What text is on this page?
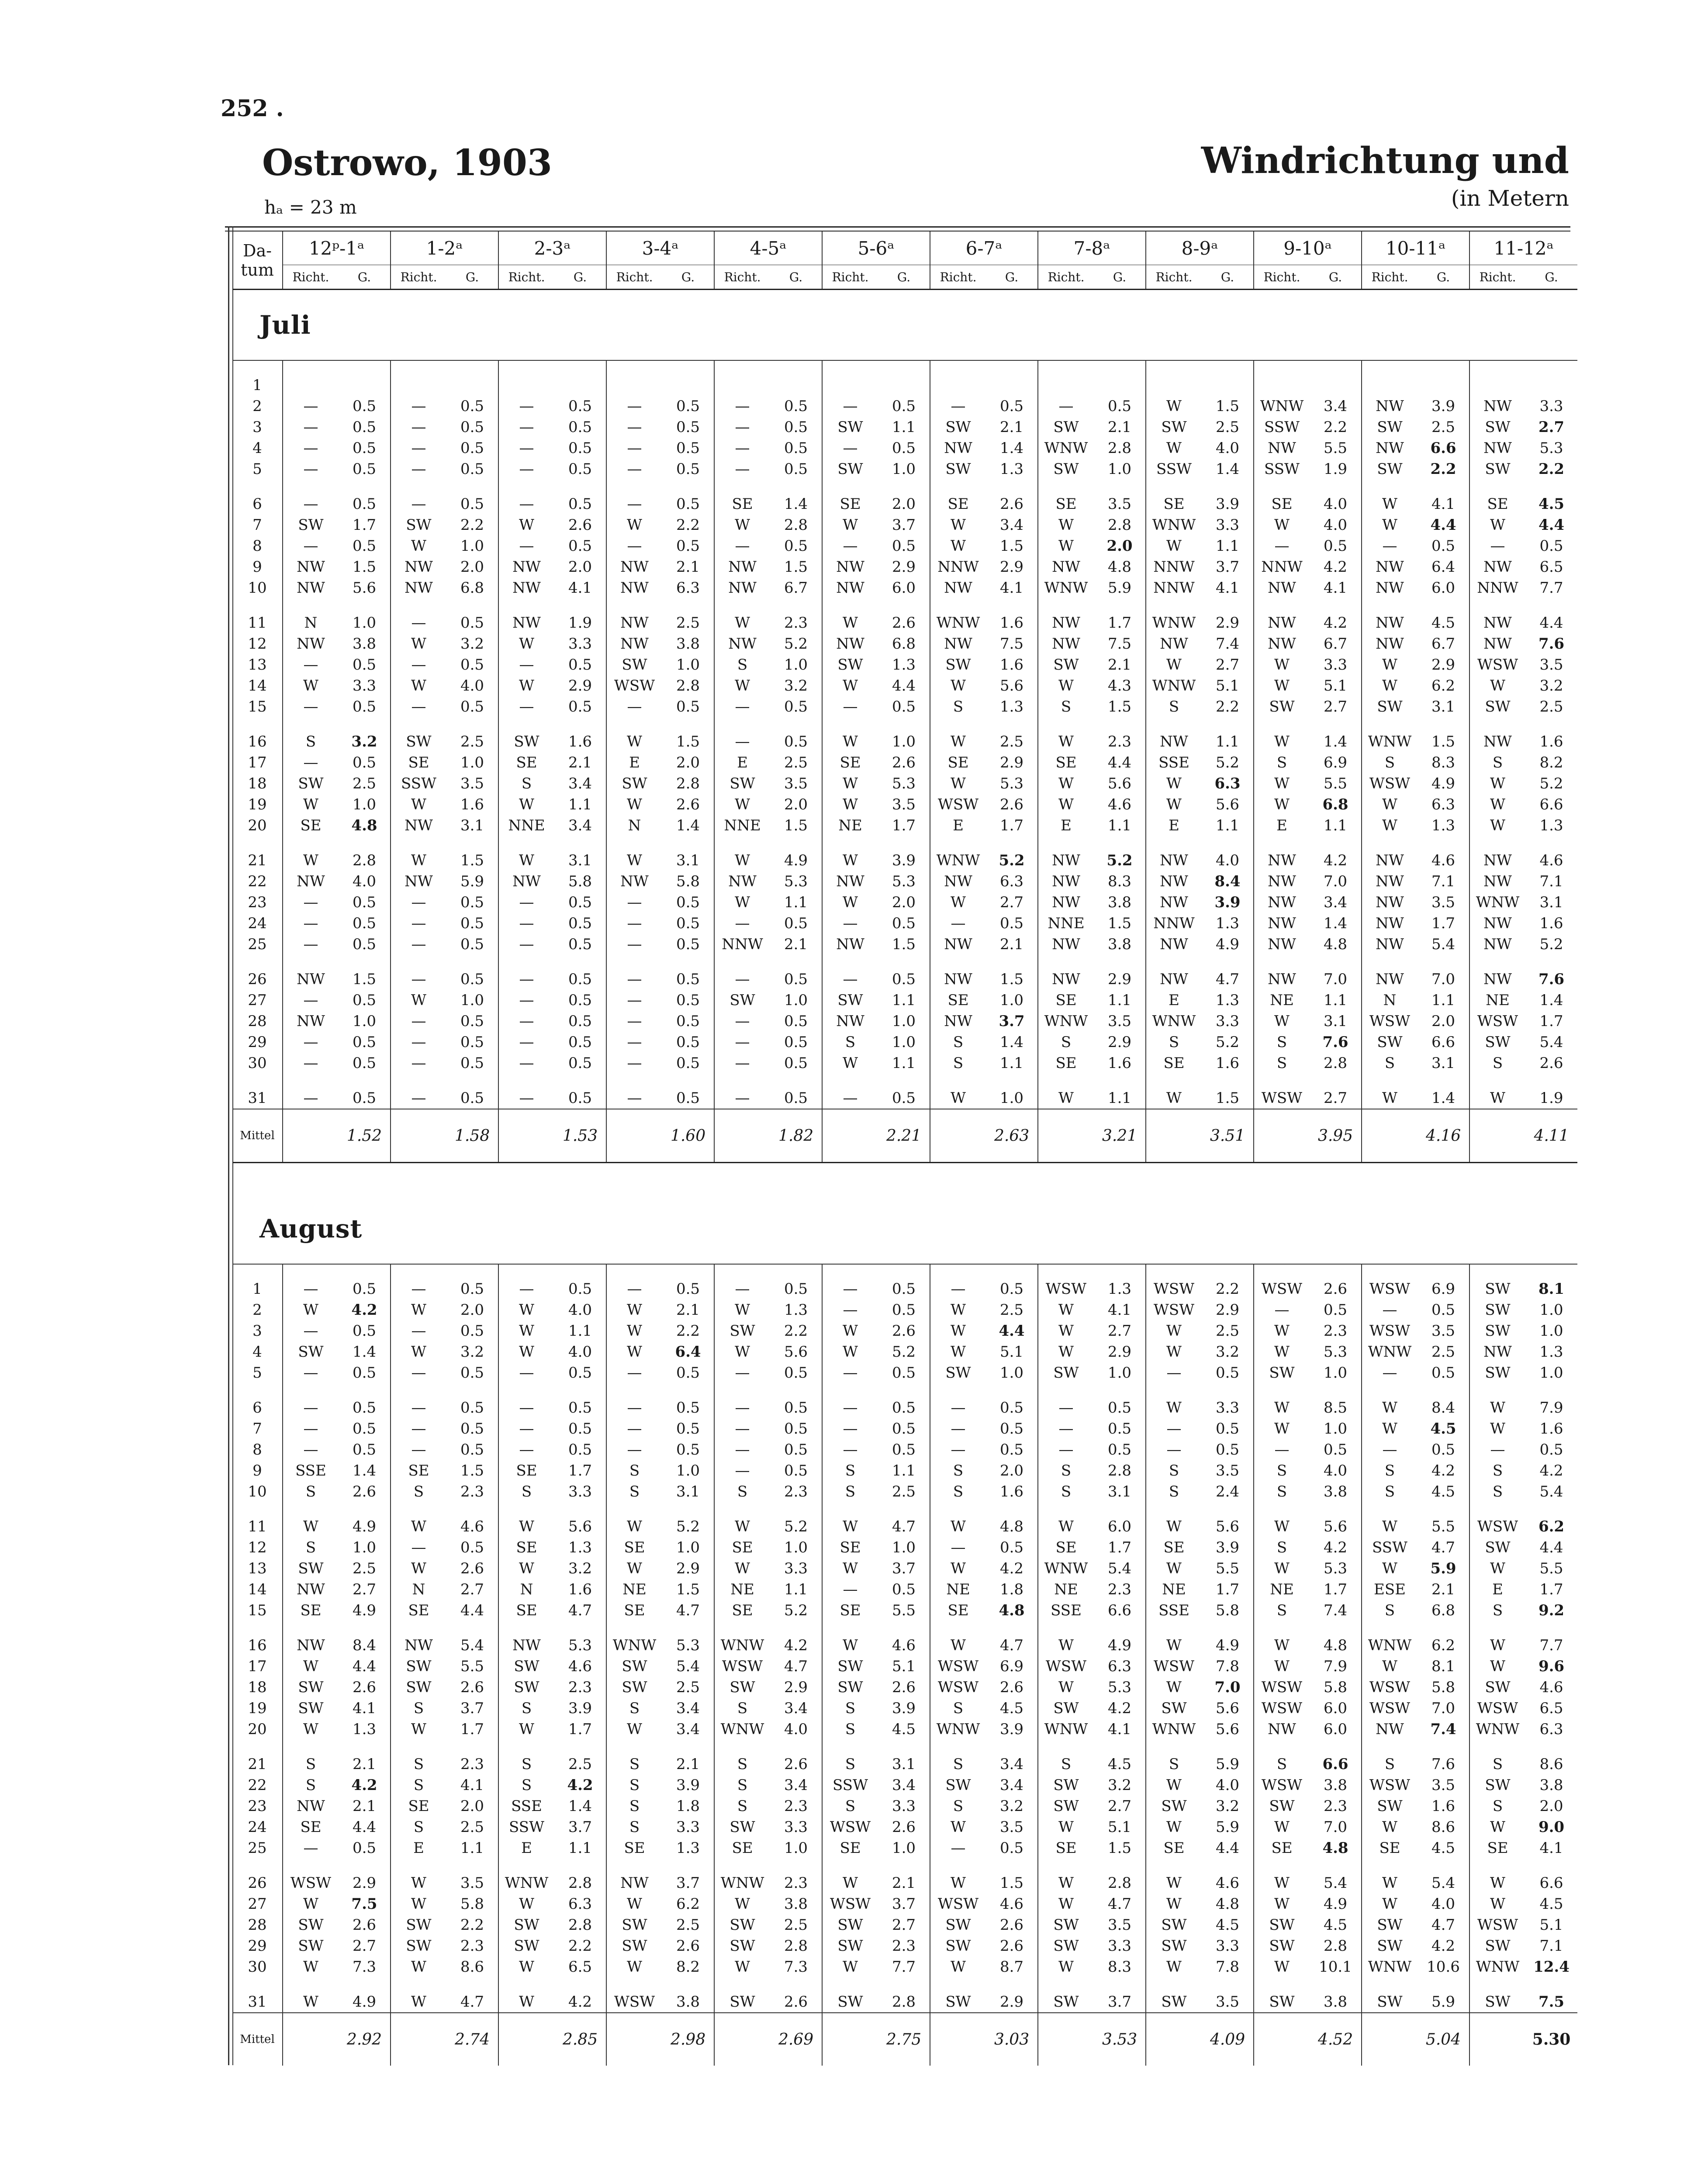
252 .
Ostrowo, 1903
hₐ = 23 m
Windrichtung und
(in Metern
Da-
tum	12ᵖ-1ᵃ		1-2ᵃ		2-3ᵃ		3-4ᵃ		4-5ᵃ		5-6ᵃ		6-7ᵃ		7-8ᵃ		8-9ᵃ		9-10ᵃ		10-11ᵃ		11-12ᵃ	
	Richt.	G.	Richt.	G.	Richt.	G.	Richt.	G.	Richt.	G.	Richt.	G.	Richt.	G.	Richt.	G.	Richt.	G.	Richt.	G.	Richt.	G.	Richt.	G.
Juli																								

1																								
2	—	0.5	—	0.5	—	0.5	—	0.5	—	0.5	—	0.5	—	0.5	—	0.5	W	1.5	WNW	3.4	NW	3.9	NW	3.3
3	—	0.5	—	0.5	—	0.5	—	0.5	—	0.5	SW	1.1	SW	2.1	SW	2.1	SW	2.5	SSW	2.2	SW	2.5	SW	2.7
4	—	0.5	—	0.5	—	0.5	—	0.5	—	0.5	—	0.5	NW	1.4	WNW	2.8	W	4.0	NW	5.5	NW	6.6	NW	5.3
5	—	0.5	—	0.5	—	0.5	—	0.5	—	0.5	SW	1.0	SW	1.3	SW	1.0	SSW	1.4	SSW	1.9	SW	2.2	SW	2.2

6	—	0.5	—	0.5	—	0.5	—	0.5	SE	1.4	SE	2.0	SE	2.6	SE	3.5	SE	3.9	SE	4.0	W	4.1	SE	4.5
7	SW	1.7	SW	2.2	W	2.6	W	2.2	W	2.8	W	3.7	W	3.4	W	2.8	WNW	3.3	W	4.0	W	4.4	W	4.4
8	—	0.5	W	1.0	—	0.5	—	0.5	—	0.5	—	0.5	W	1.5	W	2.0	W	1.1	—	0.5	—	0.5	—	0.5
9	NW	1.5	NW	2.0	NW	2.0	NW	2.1	NW	1.5	NW	2.9	NNW	2.9	NW	4.8	NNW	3.7	NNW	4.2	NW	6.4	NW	6.5
10	NW	5.6	NW	6.8	NW	4.1	NW	6.3	NW	6.7	NW	6.0	NW	4.1	WNW	5.9	NNW	4.1	NW	4.1	NW	6.0	NNW	7.7

11	N	1.0	—	0.5	NW	1.9	NW	2.5	W	2.3	W	2.6	WNW	1.6	NW	1.7	WNW	2.9	NW	4.2	NW	4.5	NW	4.4
12	NW	3.8	W	3.2	W	3.3	NW	3.8	NW	5.2	NW	6.8	NW	7.5	NW	7.5	NW	7.4	NW	6.7	NW	6.7	NW	7.6
13	—	0.5	—	0.5	—	0.5	SW	1.0	S	1.0	SW	1.3	SW	1.6	SW	2.1	W	2.7	W	3.3	W	2.9	WSW	3.5
14	W	3.3	W	4.0	W	2.9	WSW	2.8	W	3.2	W	4.4	W	5.6	W	4.3	WNW	5.1	W	5.1	W	6.2	W	3.2
15	—	0.5	—	0.5	—	0.5	—	0.5	—	0.5	—	0.5	S	1.3	S	1.5	S	2.2	SW	2.7	SW	3.1	SW	2.5

16	S	3.2	SW	2.5	SW	1.6	W	1.5	—	0.5	W	1.0	W	2.5	W	2.3	NW	1.1	W	1.4	WNW	1.5	NW	1.6
17	—	0.5	SE	1.0	SE	2.1	E	2.0	E	2.5	SE	2.6	SE	2.9	SE	4.4	SSE	5.2	S	6.9	S	8.3	S	8.2
18	SW	2.5	SSW	3.5	S	3.4	SW	2.8	SW	3.5	W	5.3	W	5.3	W	5.6	W	6.3	W	5.5	WSW	4.9	W	5.2
19	W	1.0	W	1.6	W	1.1	W	2.6	W	2.0	W	3.5	WSW	2.6	W	4.6	W	5.6	W	6.8	W	6.3	W	6.6
20	SE	4.8	NW	3.1	NNE	3.4	N	1.4	NNE	1.5	NE	1.7	E	1.7	E	1.1	E	1.1	E	1.1	W	1.3	W	1.3

21	W	2.8	W	1.5	W	3.1	W	3.1	W	4.9	W	3.9	WNW	5.2	NW	5.2	NW	4.0	NW	4.2	NW	4.6	NW	4.6
22	NW	4.0	NW	5.9	NW	5.8	NW	5.8	NW	5.3	NW	5.3	NW	6.3	NW	8.3	NW	8.4	NW	7.0	NW	7.1	NW	7.1
23	—	0.5	—	0.5	—	0.5	—	0.5	W	1.1	W	2.0	W	2.7	NW	3.8	NW	3.9	NW	3.4	NW	3.5	WNW	3.1
24	—	0.5	—	0.5	—	0.5	—	0.5	—	0.5	—	0.5	—	0.5	NNE	1.5	NNW	1.3	NW	1.4	NW	1.7	NW	1.6
25	—	0.5	—	0.5	—	0.5	—	0.5	NNW	2.1	NW	1.5	NW	2.1	NW	3.8	NW	4.9	NW	4.8	NW	5.4	NW	5.2

26	NW	1.5	—	0.5	—	0.5	—	0.5	—	0.5	—	0.5	NW	1.5	NW	2.9	NW	4.7	NW	7.0	NW	7.0	NW	7.6
27	—	0.5	W	1.0	—	0.5	—	0.5	SW	1.0	SW	1.1	SE	1.0	SE	1.1	E	1.3	NE	1.1	N	1.1	NE	1.4
28	NW	1.0	—	0.5	—	0.5	—	0.5	—	0.5	NW	1.0	NW	3.7	WNW	3.5	WNW	3.3	W	3.1	WSW	2.0	WSW	1.7
29	—	0.5	—	0.5	—	0.5	—	0.5	—	0.5	S	1.0	S	1.4	S	2.9	S	5.2	S	7.6	SW	6.6	SW	5.4
30	—	0.5	—	0.5	—	0.5	—	0.5	—	0.5	W	1.1	S	1.1	SE	1.6	SE	1.6	S	2.8	S	3.1	S	2.6

31	—	0.5	—	0.5	—	0.5	—	0.5	—	0.5	—	0.5	W	1.0	W	1.1	W	1.5	WSW	2.7	W	1.4	W	1.9
Mittel		1.52		1.58		1.53		1.60		1.82		2.21		2.63		3.21		3.51		3.95		4.16		4.11

August																								

1	—	0.5	—	0.5	—	0.5	—	0.5	—	0.5	—	0.5	—	0.5	WSW	1.3	WSW	2.2	WSW	2.6	WSW	6.9	SW	8.1
2	W	4.2	W	2.0	W	4.0	W	2.1	W	1.3	—	0.5	W	2.5	W	4.1	WSW	2.9	—	0.5	—	0.5	SW	1.0
3	—	0.5	—	0.5	W	1.1	W	2.2	SW	2.2	W	2.6	W	4.4	W	2.7	W	2.5	W	2.3	WSW	3.5	SW	1.0
4	SW	1.4	W	3.2	W	4.0	W	6.4	W	5.6	W	5.2	W	5.1	W	2.9	W	3.2	W	5.3	WNW	2.5	NW	1.3
5	—	0.5	—	0.5	—	0.5	—	0.5	—	0.5	—	0.5	SW	1.0	SW	1.0	—	0.5	SW	1.0	—	0.5	SW	1.0

6	—	0.5	—	0.5	—	0.5	—	0.5	—	0.5	—	0.5	—	0.5	—	0.5	W	3.3	W	8.5	W	8.4	W	7.9
7	—	0.5	—	0.5	—	0.5	—	0.5	—	0.5	—	0.5	—	0.5	—	0.5	—	0.5	W	1.0	W	4.5	W	1.6
8	—	0.5	—	0.5	—	0.5	—	0.5	—	0.5	—	0.5	—	0.5	—	0.5	—	0.5	—	0.5	—	0.5	—	0.5
9	SSE	1.4	SE	1.5	SE	1.7	S	1.0	—	0.5	S	1.1	S	2.0	S	2.8	S	3.5	S	4.0	S	4.2	S	4.2
10	S	2.6	S	2.3	S	3.3	S	3.1	S	2.3	S	2.5	S	1.6	S	3.1	S	2.4	S	3.8	S	4.5	S	5.4

11	W	4.9	W	4.6	W	5.6	W	5.2	W	5.2	W	4.7	W	4.8	W	6.0	W	5.6	W	5.6	W	5.5	WSW	6.2
12	S	1.0	—	0.5	SE	1.3	SE	1.0	SE	1.0	SE	1.0	—	0.5	SE	1.7	SE	3.9	S	4.2	SSW	4.7	SW	4.4
13	SW	2.5	W	2.6	W	3.2	W	2.9	W	3.3	W	3.7	W	4.2	WNW	5.4	W	5.5	W	5.3	W	5.9	W	5.5
14	NW	2.7	N	2.7	N	1.6	NE	1.5	NE	1.1	—	0.5	NE	1.8	NE	2.3	NE	1.7	NE	1.7	ESE	2.1	E	1.7
15	SE	4.9	SE	4.4	SE	4.7	SE	4.7	SE	5.2	SE	5.5	SE	4.8	SSE	6.6	SSE	5.8	S	7.4	S	6.8	S	9.2

16	NW	8.4	NW	5.4	NW	5.3	WNW	5.3	WNW	4.2	W	4.6	W	4.7	W	4.9	W	4.9	W	4.8	WNW	6.2	W	7.7
17	W	4.4	SW	5.5	SW	4.6	SW	5.4	WSW	4.7	SW	5.1	WSW	6.9	WSW	6.3	WSW	7.8	W	7.9	W	8.1	W	9.6
18	SW	2.6	SW	2.6	SW	2.3	SW	2.5	SW	2.9	SW	2.6	WSW	2.6	W	5.3	W	7.0	WSW	5.8	WSW	5.8	SW	4.6
19	SW	4.1	S	3.7	S	3.9	S	3.4	S	3.4	S	3.9	S	4.5	SW	4.2	SW	5.6	WSW	6.0	WSW	7.0	WSW	6.5
20	W	1.3	W	1.7	W	1.7	W	3.4	WNW	4.0	S	4.5	WNW	3.9	WNW	4.1	WNW	5.6	NW	6.0	NW	7.4	WNW	6.3

21	S	2.1	S	2.3	S	2.5	S	2.1	S	2.6	S	3.1	S	3.4	S	4.5	S	5.9	S	6.6	S	7.6	S	8.6
22	S	4.2	S	4.1	S	4.2	S	3.9	S	3.4	SSW	3.4	SW	3.4	SW	3.2	W	4.0	WSW	3.8	WSW	3.5	SW	3.8
23	NW	2.1	SE	2.0	SSE	1.4	S	1.8	S	2.3	S	3.3	S	3.2	SW	2.7	SW	3.2	SW	2.3	SW	1.6	S	2.0
24	SE	4.4	S	2.5	SSW	3.7	S	3.3	SW	3.3	WSW	2.6	W	3.5	W	5.1	W	5.9	W	7.0	W	8.6	W	9.0
25	—	0.5	E	1.1	E	1.1	SE	1.3	SE	1.0	SE	1.0	—	0.5	SE	1.5	SE	4.4	SE	4.8	SE	4.5	SE	4.1

26	WSW	2.9	W	3.5	WNW	2.8	NW	3.7	WNW	2.3	W	2.1	W	1.5	W	2.8	W	4.6	W	5.4	W	5.4	W	6.6
27	W	7.5	W	5.8	W	6.3	W	6.2	W	3.8	WSW	3.7	WSW	4.6	W	4.7	W	4.8	W	4.9	W	4.0	W	4.5
28	SW	2.6	SW	2.2	SW	2.8	SW	2.5	SW	2.5	SW	2.7	SW	2.6	SW	3.5	SW	4.5	SW	4.5	SW	4.7	WSW	5.1
29	SW	2.7	SW	2.3	SW	2.2	SW	2.6	SW	2.8	SW	2.3	SW	2.6	SW	3.3	SW	3.3	SW	2.8	SW	4.2	SW	7.1
30	W	7.3	W	8.6	W	6.5	W	8.2	W	7.3	W	7.7	W	8.7	W	8.3	W	7.8	W	10.1	WNW	10.6	WNW	12.4

31	W	4.9	W	4.7	W	4.2	WSW	3.8	SW	2.6	SW	2.8	SW	2.9	SW	3.7	SW	3.5	SW	3.8	SW	5.9	SW	7.5
Mittel		2.92		2.74		2.85		2.98		2.69		2.75		3.03		3.53		4.09		4.52		5.04		5.30
